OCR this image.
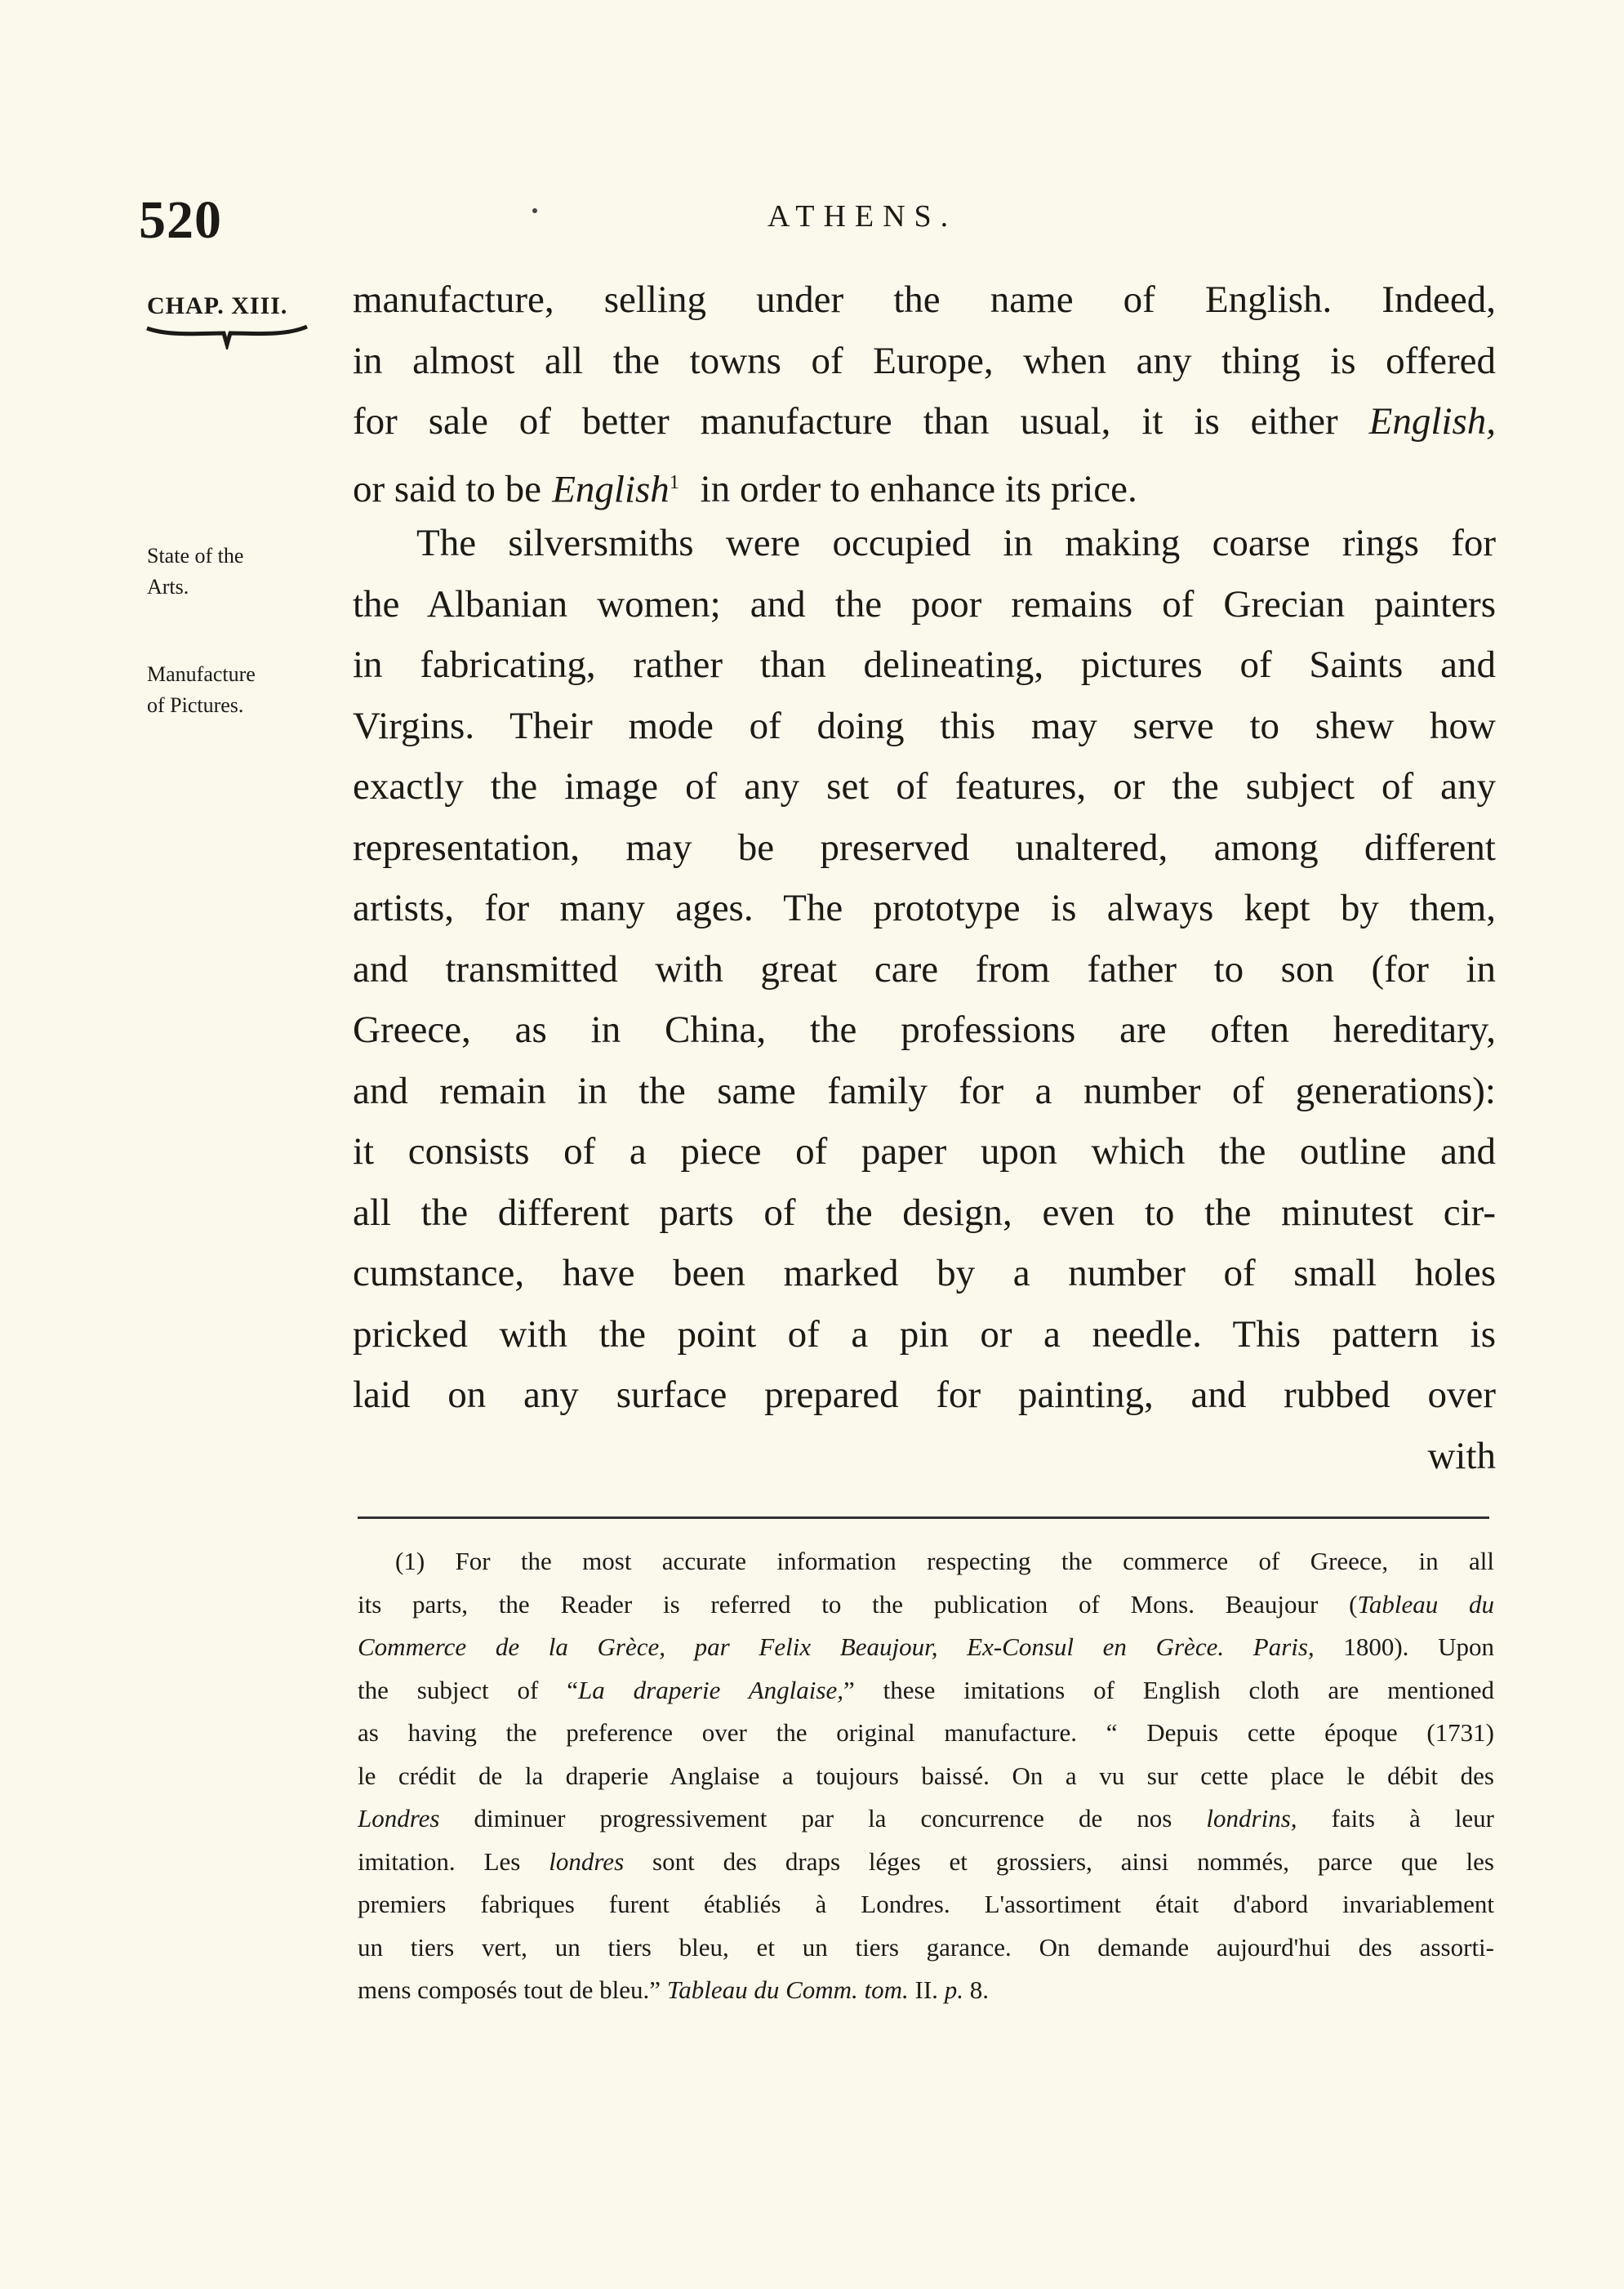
520	ATHENS.
CHAP. XIII.
State of the
Arts.
Manufacture
of Pictures.
manufacture, selling under the name of English. Indeed,
in almost all the towns of Europe, when any thing is offered
for sale of better manufacture than usual, it is either English,
or said to be English$^1$ in order to enhance its price.
The silversmiths were occupied in making coarse rings for
the Albanian women; and the poor remains of Grecian painters
in fabricating, rather than delineating, pictures of Saints and
Virgins. Their mode of doing this may serve to shew how
exactly the image of any set of features, or the subject of any
representation, may be preserved unaltered, among different
artists, for many ages. The prototype is always kept by them,
and transmitted with great care from father to son (for in
Greece, as in China, the professions are often hereditary,
and remain in the same family for a number of generations):
it consists of a piece of paper upon which the outline and
all the different parts of the design, even to the minutest cir-
cumstance, have been marked by a number of small holes
pricked with the point of a pin or a needle. This pattern is
laid on any surface prepared for painting, and rubbed over
with
(1) For the most accurate information respecting the commerce of Greece, in all
its parts, the Reader is referred to the publication of Mons. Beaujour (Tableau du
Commerce de la Grèce, par Felix Beaujour, Ex-Consul en Grèce. Paris, 1800). Upon
the subject of “La draperie Anglaise,” these imitations of English cloth are mentioned
as having the preference over the original manufacture. “ Depuis cette époque (1731)
le crédit de la draperie Anglaise a toujours baissé. On a vu sur cette place le débit des
Londres diminuer progressivement par la concurrence de nos londrins, faits à leur
imitation. Les londres sont des draps léges et grossiers, ainsi nommés, parce que les
premiers fabriques furent établiés à Londres. L'assortiment était d'abord invariablement
un tiers vert, un tiers bleu, et un tiers garance. On demande aujourd'hui des assorti-
mens composés tout de bleu.” Tableau du Comm. tom. II. p. 8.
